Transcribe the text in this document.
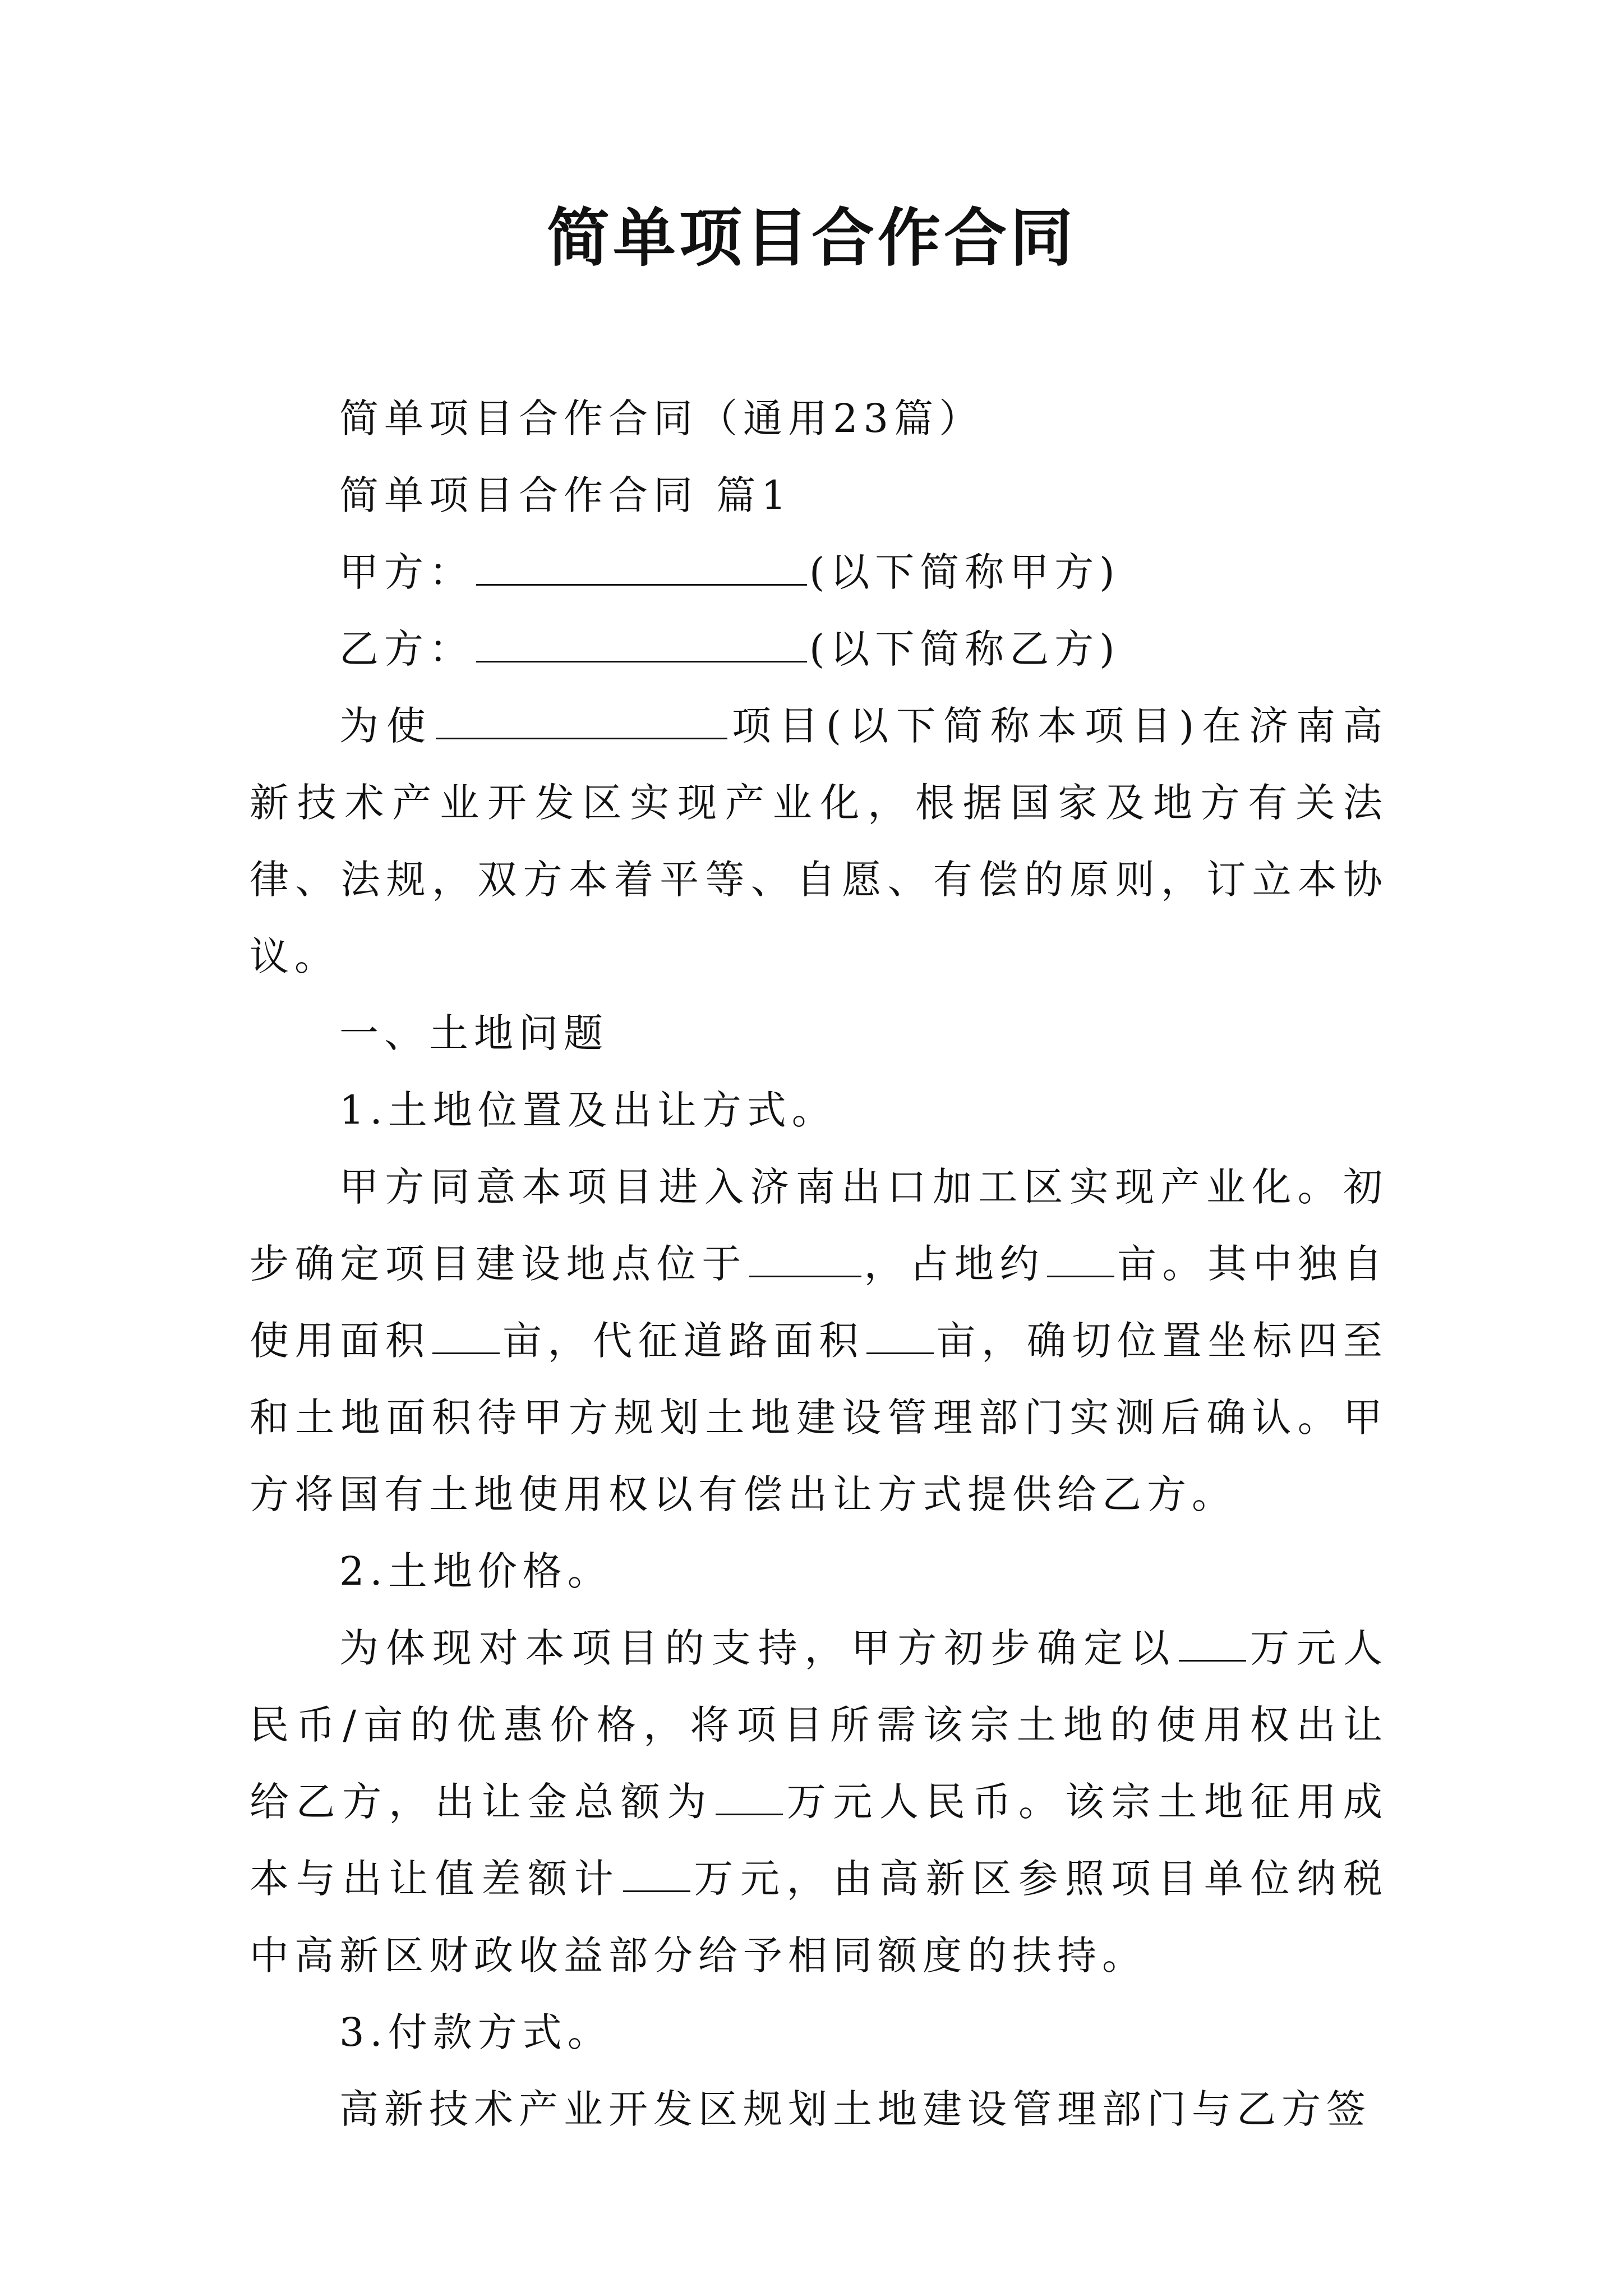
简单项目合作合同

简单项目合作合同（通用23篇）

简单项目合作合同 篇1

甲方：	(以下简称甲方)

乙方：	(以下简称乙方)

为使	项目(以下简称本项目)在济南高新技术产业开发区实现产业化，根据国家及地方有关法律、法规，双方本着平等、自愿、有偿的原则，订立本协议。

一、土地问题

1.土地位置及出让方式。

甲方同意本项目进入济南出口加工区实现产业化。初步确定项目建设地点位于	，占地约 亩。其中独自使用面积 亩，代征道路面积 亩，确切位置坐标四至和土地面积待甲方规划土地建设管理部门实测后确认。甲方将国有土地使用权以有偿出让方式提供给乙方。

2.土地价格。

为体现对本项目的支持，甲方初步确定以 万元人民币/亩的优惠价格，将项目所需该宗土地的使用权出让给乙方，出让金总额为 万元人民币。该宗土地征用成本与出让值差额计 万元，由高新区参照项目单位纳税中高新区财政收益部分给予相同额度的扶持。

3.付款方式。

高新技术产业开发区规划土地建设管理部门与乙方签
